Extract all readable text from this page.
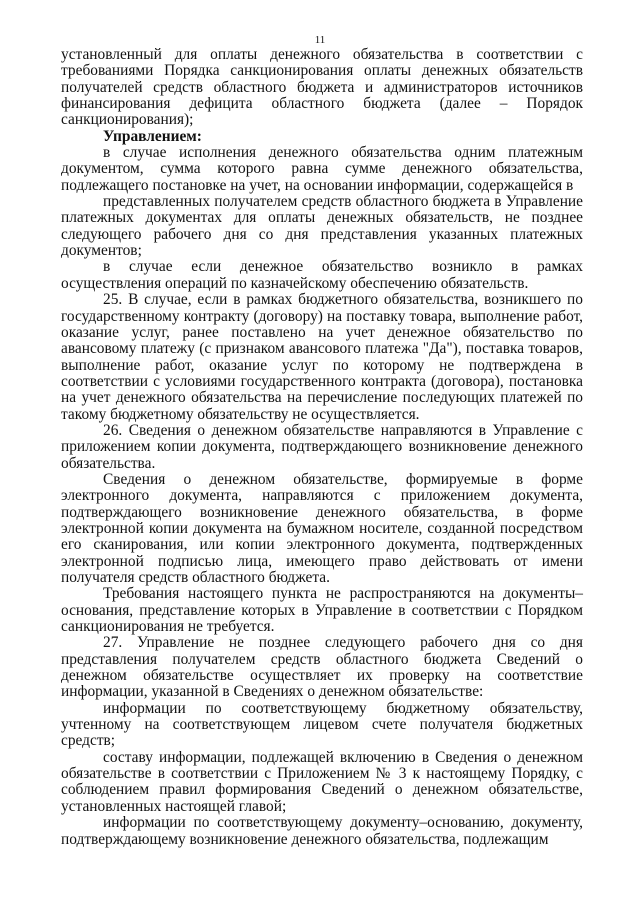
11

установленный для оплаты денежного обязательства в соответствии с требованиями Порядка санкционирования оплаты денежных обязательств получателей средств областного бюджета и администраторов источников финансирования дефицита областного бюджета (далее – Порядок санкционирования);

Управлением:

в случае исполнения денежного обязательства одним платежным документом, сумма которого равна сумме денежного обязательства, подлежащего постановке на учет, на основании информации, содержащейся в

представленных получателем средств областного бюджета в Управление платежных документах для оплаты денежных обязательств, не позднее следующего рабочего дня со дня представления указанных платежных документов;

в случае если денежное обязательство возникло в рамках осуществления операций по казначейскому обеспечению обязательств.

25. В случае, если в рамках бюджетного обязательства, возникшего по государственному контракту (договору) на поставку товара, выполнение работ, оказание услуг, ранее поставлено на учет денежное обязательство по авансовому платежу (с признаком авансового платежа "Да"), поставка товаров, выполнение работ, оказание услуг по которому не подтверждена в соответствии с условиями государственного контракта (договора), постановка на учет денежного обязательства на перечисление последующих платежей по такому бюджетному обязательству не осуществляется.

26. Сведения о денежном обязательстве направляются в Управление с приложением копии документа, подтверждающего возникновение денежного обязательства.

Сведения о денежном обязательстве, формируемые в форме электронного документа, направляются с приложением документа, подтверждающего возникновение денежного обязательства, в форме электронной копии документа на бумажном носителе, созданной посредством его сканирования, или копии электронного документа, подтвержденных электронной подписью лица, имеющего право действовать от имени получателя средств областного бюджета.

Требования настоящего пункта не распространяются на документы–основания, представление которых в Управление в соответствии с Порядком санкционирования не требуется.

27. Управление не позднее следующего рабочего дня со дня представления получателем средств областного бюджета Сведений о денежном обязательстве осуществляет их проверку на соответствие информации, указанной в Сведениях о денежном обязательстве:

информации по соответствующему бюджетному обязательству, учтенному на соответствующем лицевом счете получателя бюджетных средств;

составу информации, подлежащей включению в Сведения о денежном обязательстве в соответствии с Приложением № 3 к настоящему Порядку, с соблюдением правил формирования Сведений о денежном обязательстве, установленных настоящей главой;

информации по соответствующему документу–основанию, документу, подтверждающему возникновение денежного обязательства, подлежащим
